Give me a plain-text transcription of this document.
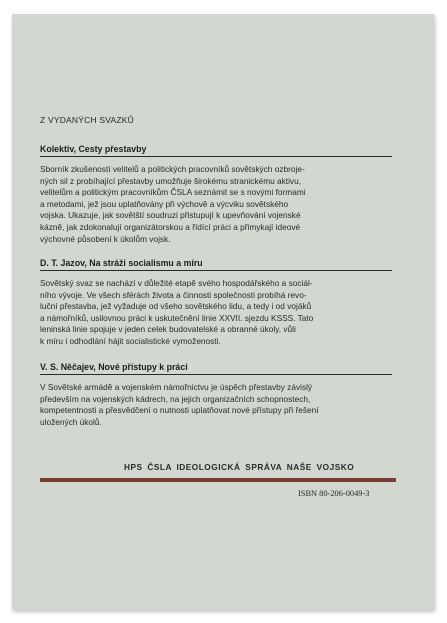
Z VYDANÝCH SVAZKŮ
Kolektiv, Cesty přestavby

Sborník zkušeností velitelů a politických pracovníků sovětských ozbroje-

ných sil z probíhající přestavby umožňuje širokému stranickému aktivu,

velitelům a politickým pracovníkům ČSLA seznámit se s novými formami

a metodami, jež jsou uplatňovány při výchově a výcviku sovětského

vojska. Ukazuje, jak sovětští soudruzi přistupují k upevňování vojenské

kázně, jak zdokonalují organizátorskou a řídící práci a přimykají ideové

výchovné působení k úkolům vojsk.

D. T. Jazov, Na stráži socialismu a míru

Sovětský svaz se nachází v důležité etapě svého hospodářského a sociál-

ního vývoje. Ve všech sférách života a činnosti společnosti probíhá revo-

luční přestavba, jež vyžaduje od všeho sovětského lidu, a tedy i od vojáků

a námořníků, usilovnou práci k uskutečnění linie XXVII. sjezdu KSSS. Tato

leninská linie spojuje v jeden celek budovatelské a obranné úkoly, vůli

k míru i odhodlání hájit socialistické vymoženosti.

V. S. Něčajev, Nové přístupy k práci

V Sovětské armádě a vojenském námořnictvu je úspěch přestavby závislý

především na vojenských kádrech, na jejich organizačních schopnostech,

kompetentnosti a přesvědčení o nutnosti uplatňovat nové přístupy při řešení

uložených úkolů.

HPS ČSLA IDEOLOGICKÁ SPRÁVA NAŠE VOJSKO
ISBN 80-206-0049-3
